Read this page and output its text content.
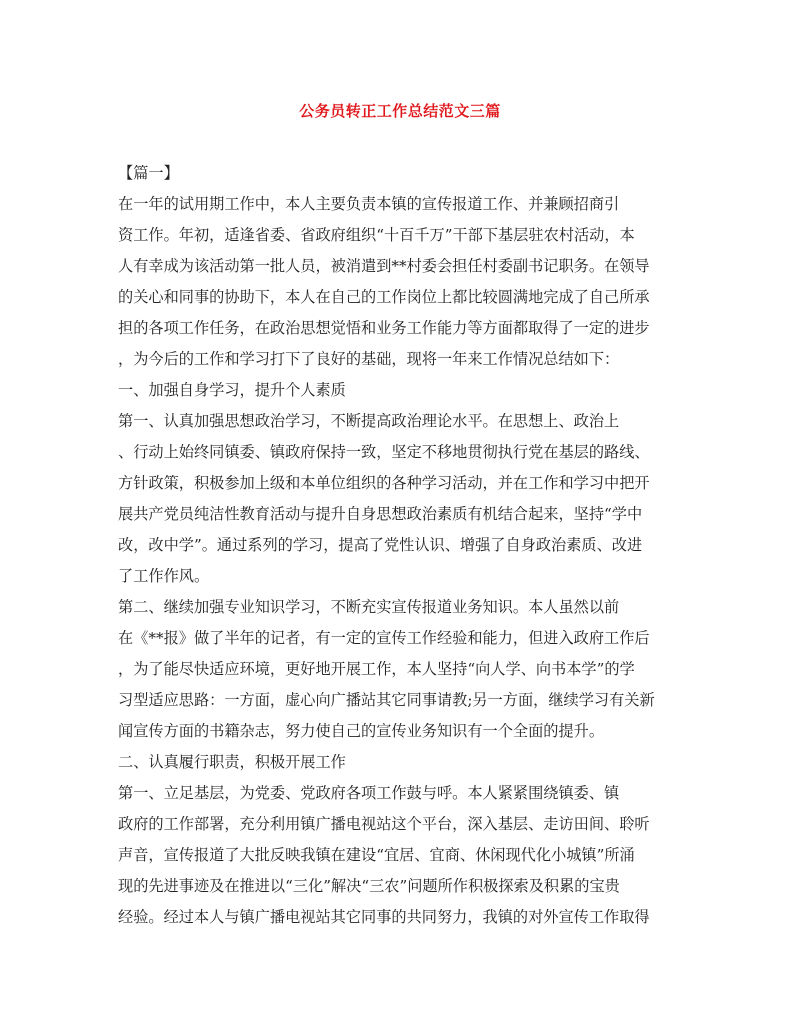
公务员转正工作总结范文三篇
【篇一】
在一年的试用期工作中，本人主要负责本镇的宣传报道工作、并兼顾招商引
资工作。年初，适逢省委、省政府组织“十百千万”干部下基层驻农村活动，本
人有幸成为该活动第一批人员，被消遣到**村委会担任村委副书记职务。在领导
的关心和同事的协助下，本人在自己的工作岗位上都比较圆满地完成了自己所承
担的各项工作任务，在政治思想觉悟和业务工作能力等方面都取得了一定的进步
，为今后的工作和学习打下了良好的基础，现将一年来工作情况总结如下：
一、加强自身学习，提升个人素质
第一、认真加强思想政治学习，不断提高政治理论水平。在思想上、政治上
、行动上始终同镇委、镇政府保持一致，坚定不移地贯彻执行党在基层的路线、
方针政策，积极参加上级和本单位组织的各种学习活动，并在工作和学习中把开
展共产党员纯洁性教育活动与提升自身思想政治素质有机结合起来，坚持“学中
改，改中学”。通过系列的学习，提高了党性认识、增强了自身政治素质、改进
了工作作风。
第二、继续加强专业知识学习，不断充实宣传报道业务知识。本人虽然以前
在《**报》做了半年的记者，有一定的宣传工作经验和能力，但进入政府工作后
，为了能尽快适应环境，更好地开展工作，本人坚持“向人学、向书本学”的学
习型适应思路：一方面，虚心向广播站其它同事请教;另一方面，继续学习有关新
闻宣传方面的书籍杂志，努力使自己的宣传业务知识有一个全面的提升。
二、认真履行职责，积极开展工作
第一、立足基层，为党委、党政府各项工作鼓与呼。本人紧紧围绕镇委、镇
政府的工作部署，充分利用镇广播电视站这个平台，深入基层、走访田间、聆听
声音，宣传报道了大批反映我镇在建设“宜居、宜商、休闲现代化小城镇”所涌
现的先进事迹及在推进以“三化”解决“三农”问题所作积极探索及积累的宝贵
经验。经过本人与镇广播电视站其它同事的共同努力，我镇的对外宣传工作取得
